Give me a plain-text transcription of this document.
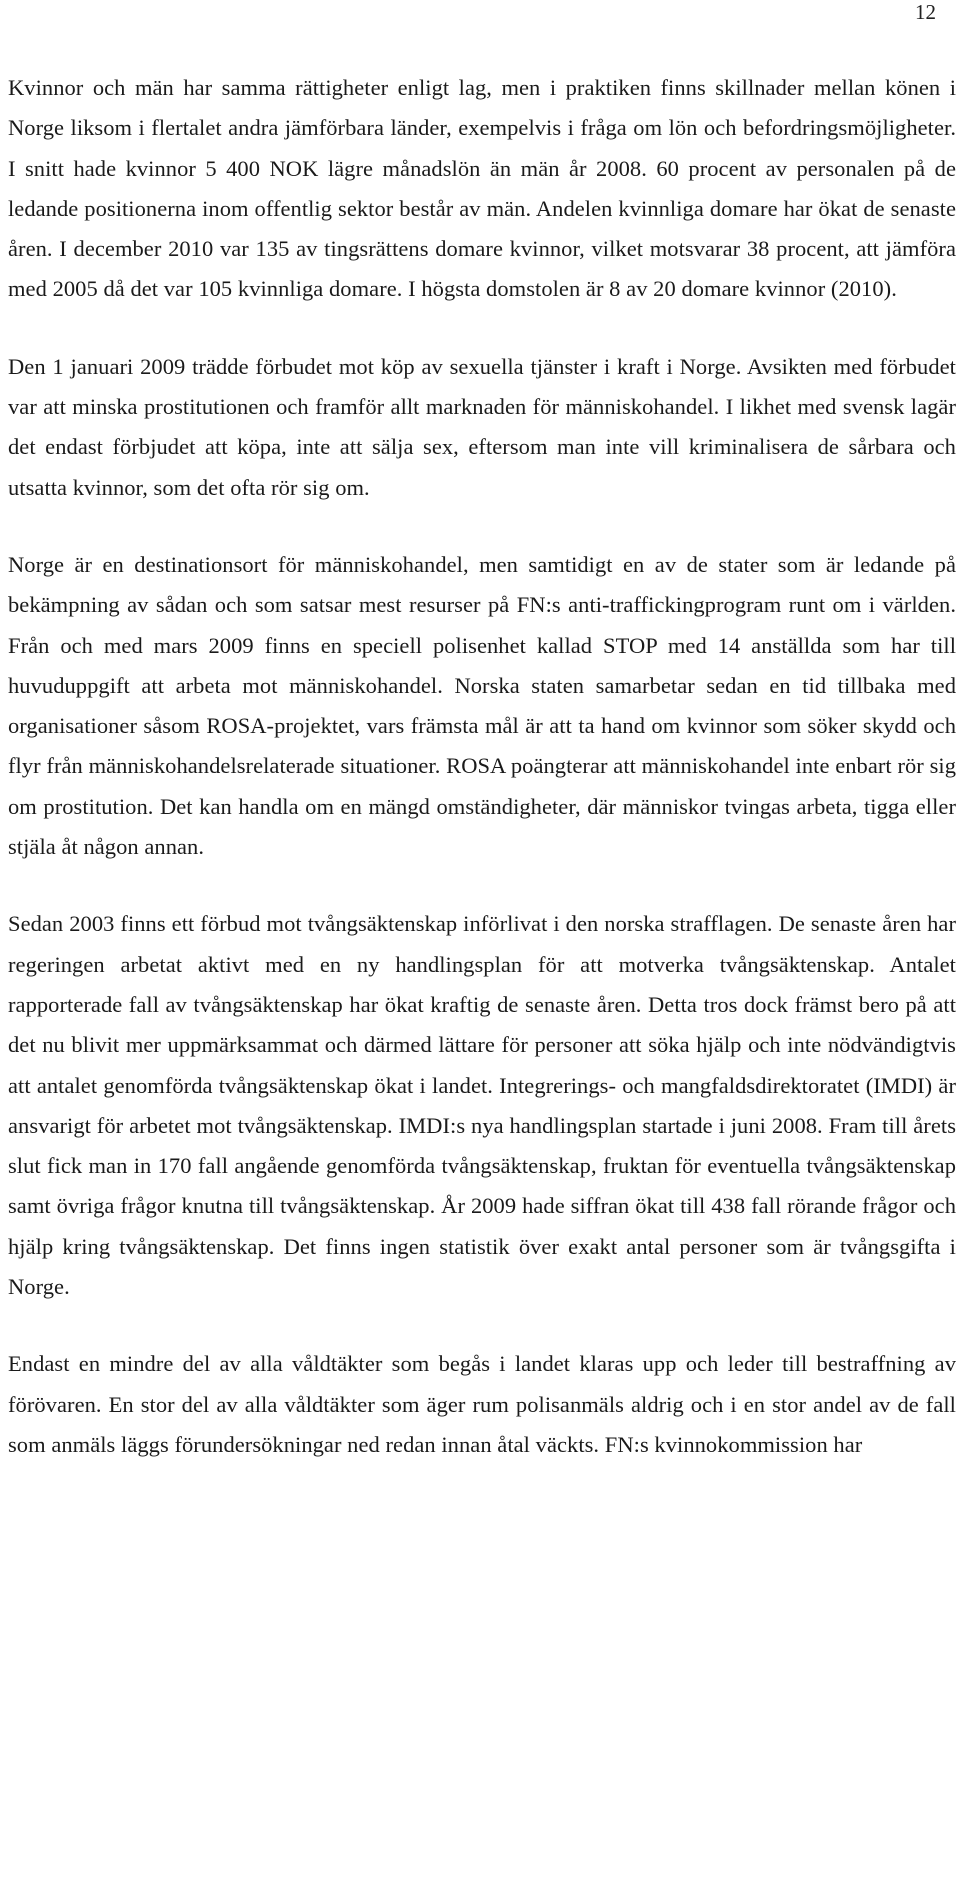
12

Kvinnor och män har samma rättigheter enligt lag, men i praktiken finns skillnader mellan könen i Norge liksom i flertalet andra jämförbara länder, exempelvis i fråga om lön och befordringsmöjligheter. I snitt hade kvinnor 5 400 NOK lägre månadslön än män år 2008. 60 procent av personalen på de ledande positionerna inom offentlig sektor består av män. Andelen kvinnliga domare har ökat de senaste åren. I december 2010 var 135 av tingsrättens domare kvinnor, vilket motsvarar 38 procent, att jämföra med 2005 då det var 105 kvinnliga domare. I högsta domstolen är 8 av 20 domare kvinnor (2010).

Den 1 januari 2009 trädde förbudet mot köp av sexuella tjänster i kraft i Norge. Avsikten med förbudet var att minska prostitutionen och framför allt marknaden för människohandel. I likhet med svensk lagär det endast förbjudet att köpa, inte att sälja sex, eftersom man inte vill kriminalisera de sårbara och utsatta kvinnor, som det ofta rör sig om.

Norge är en destinationsort för människohandel, men samtidigt en av de stater som är ledande på bekämpning av sådan och som satsar mest resurser på FN:s anti-traffickingprogram runt om i världen. Från och med mars 2009 finns en speciell polisenhet kallad STOP med 14 anställda som har till huvuduppgift att arbeta mot människohandel. Norska staten samarbetar sedan en tid tillbaka med organisationer såsom ROSA-projektet, vars främsta mål är att ta hand om kvinnor som söker skydd och flyr från människohandelsrelaterade situationer. ROSA poängterar att människohandel inte enbart rör sig om prostitution. Det kan handla om en mängd omständigheter, där människor tvingas arbeta, tigga eller stjäla åt någon annan.

Sedan 2003 finns ett förbud mot tvångsäktenskap införlivat i den norska strafflagen. De senaste åren har regeringen arbetat aktivt med en ny handlingsplan för att motverka tvångsäktenskap. Antalet rapporterade fall av tvångsäktenskap har ökat kraftig de senaste åren. Detta tros dock främst bero på att det nu blivit mer uppmärksammat och därmed lättare för personer att söka hjälp och inte nödvändigtvis att antalet genomförda tvångsäktenskap ökat i landet. Integrerings- och mangfaldsdirektoratet (IMDI) är ansvarigt för arbetet mot tvångsäktenskap. IMDI:s nya handlingsplan startade i juni 2008. Fram till årets slut fick man in 170 fall angående genomförda tvångsäktenskap, fruktan för eventuella tvångsäktenskap samt övriga frågor knutna till tvångsäktenskap. År 2009 hade siffran ökat till 438 fall rörande frågor och hjälp kring tvångsäktenskap. Det finns ingen statistik över exakt antal personer som är tvångsgifta i Norge.

Endast en mindre del av alla våldtäkter som begås i landet klaras upp och leder till bestraffning av förövaren. En stor del av alla våldtäkter som äger rum polisanmäls aldrig och i en stor andel av de fall som anmäls läggs förundersökningar ned redan innan åtal väckts. FN:s kvinnokommission har
